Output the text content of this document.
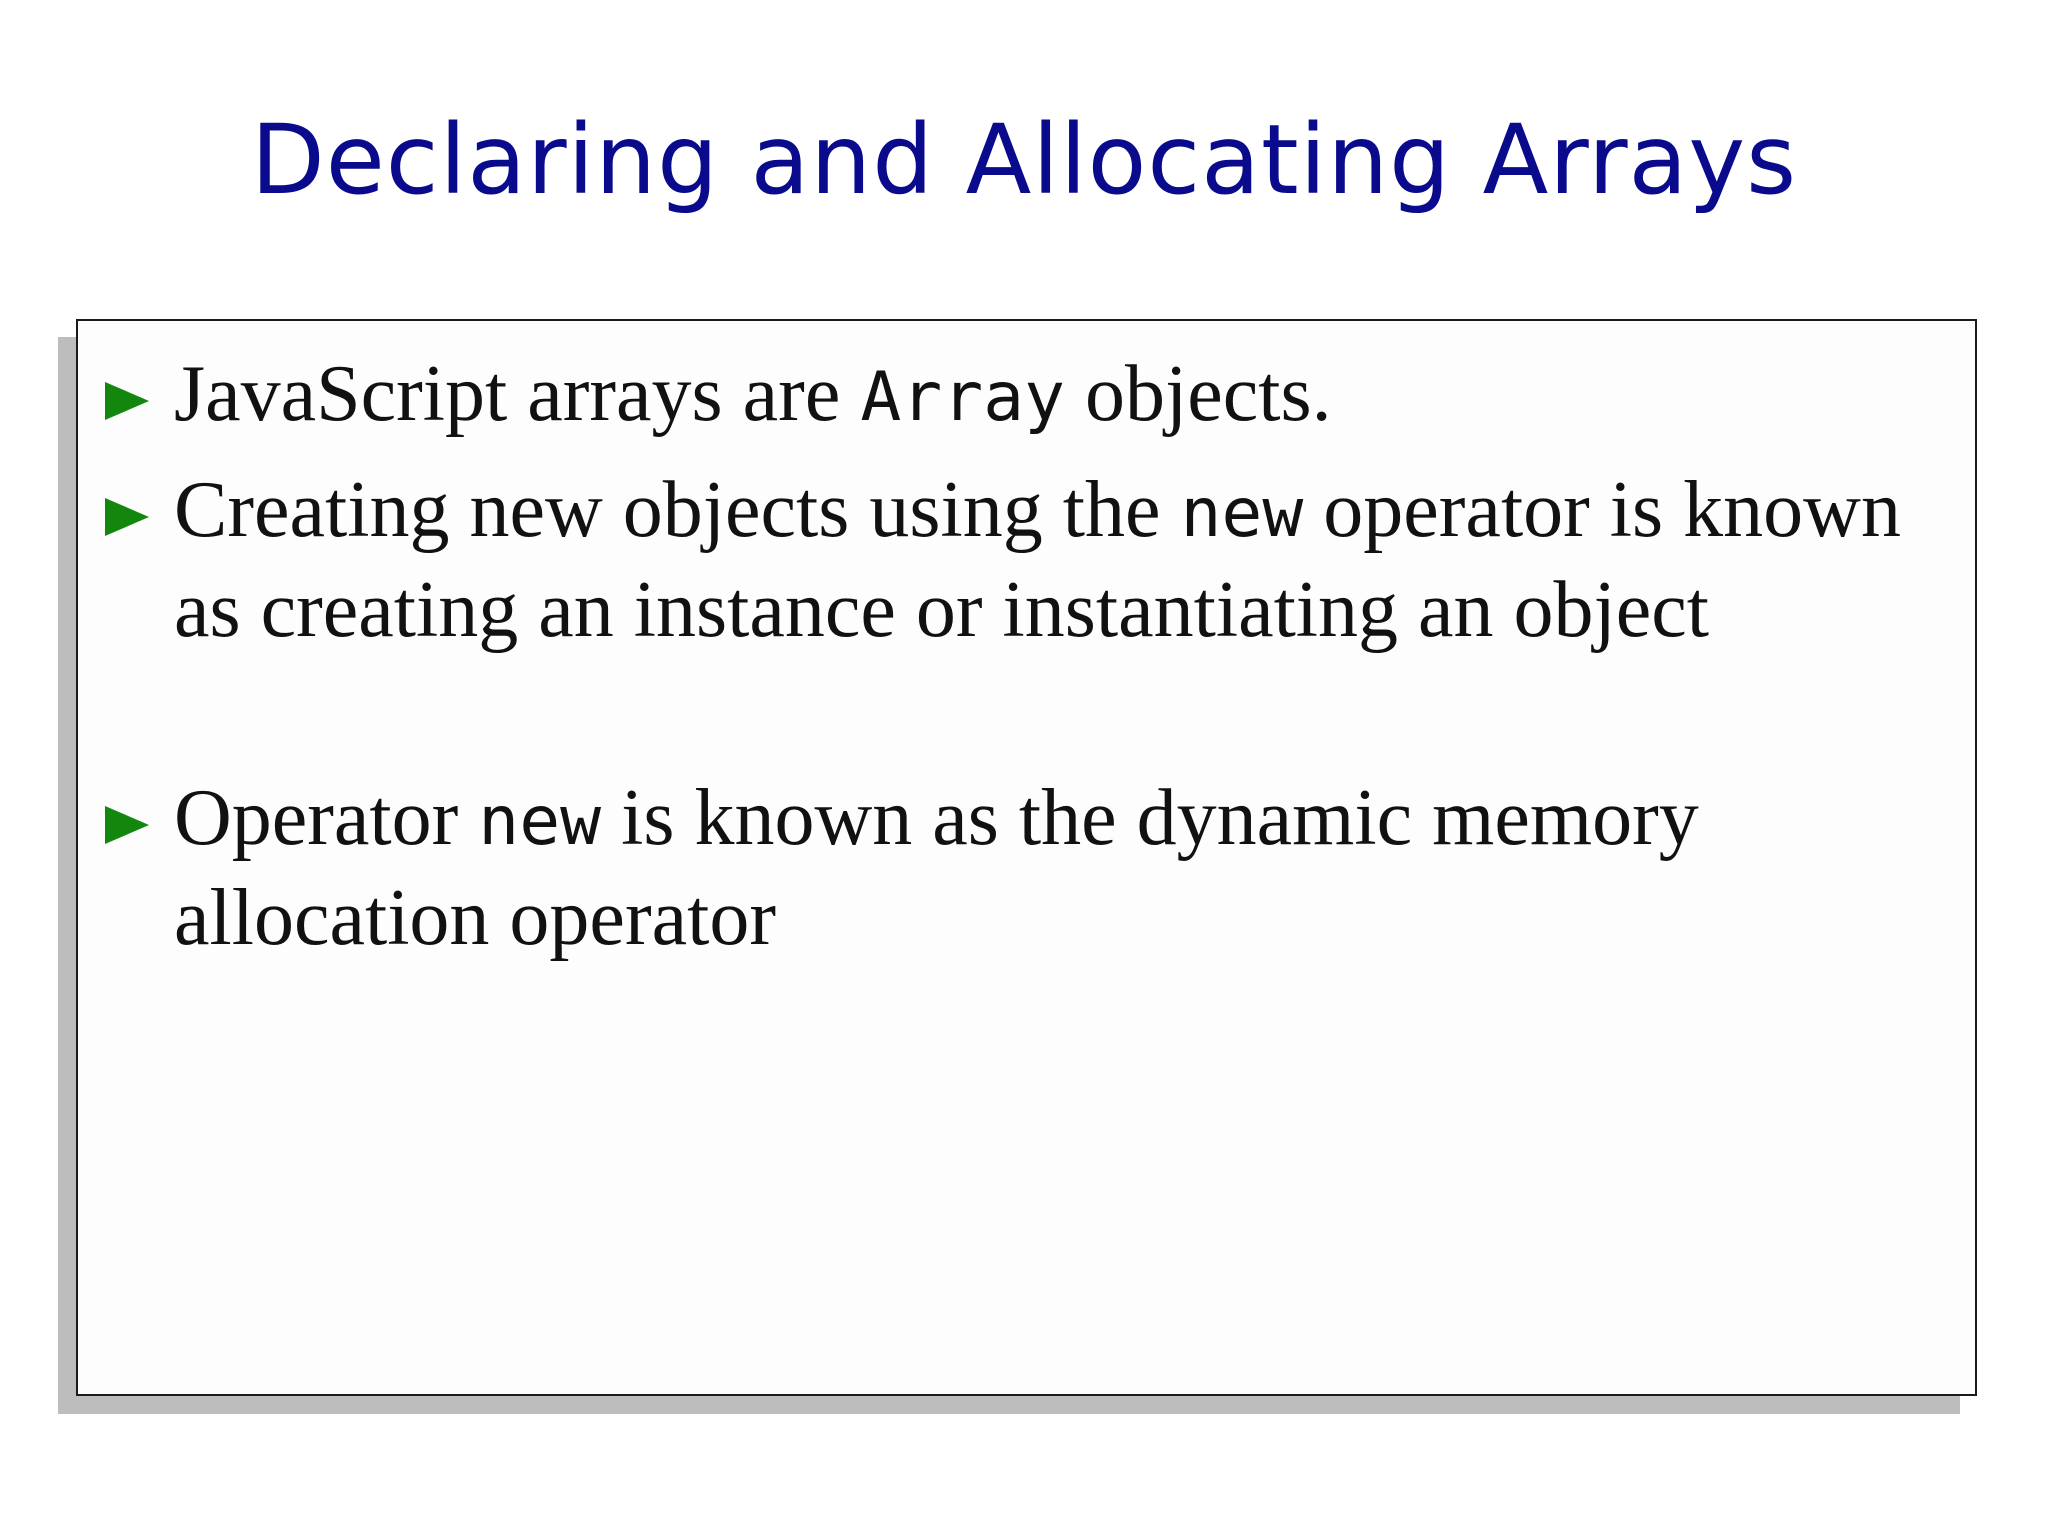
Declaring and Allocating Arrays
JavaScript arrays are Array objects.
Creating new objects using the new operator is known as creating an instance or instantiating an object
Operator new is known as the dynamic memory allocation operator
